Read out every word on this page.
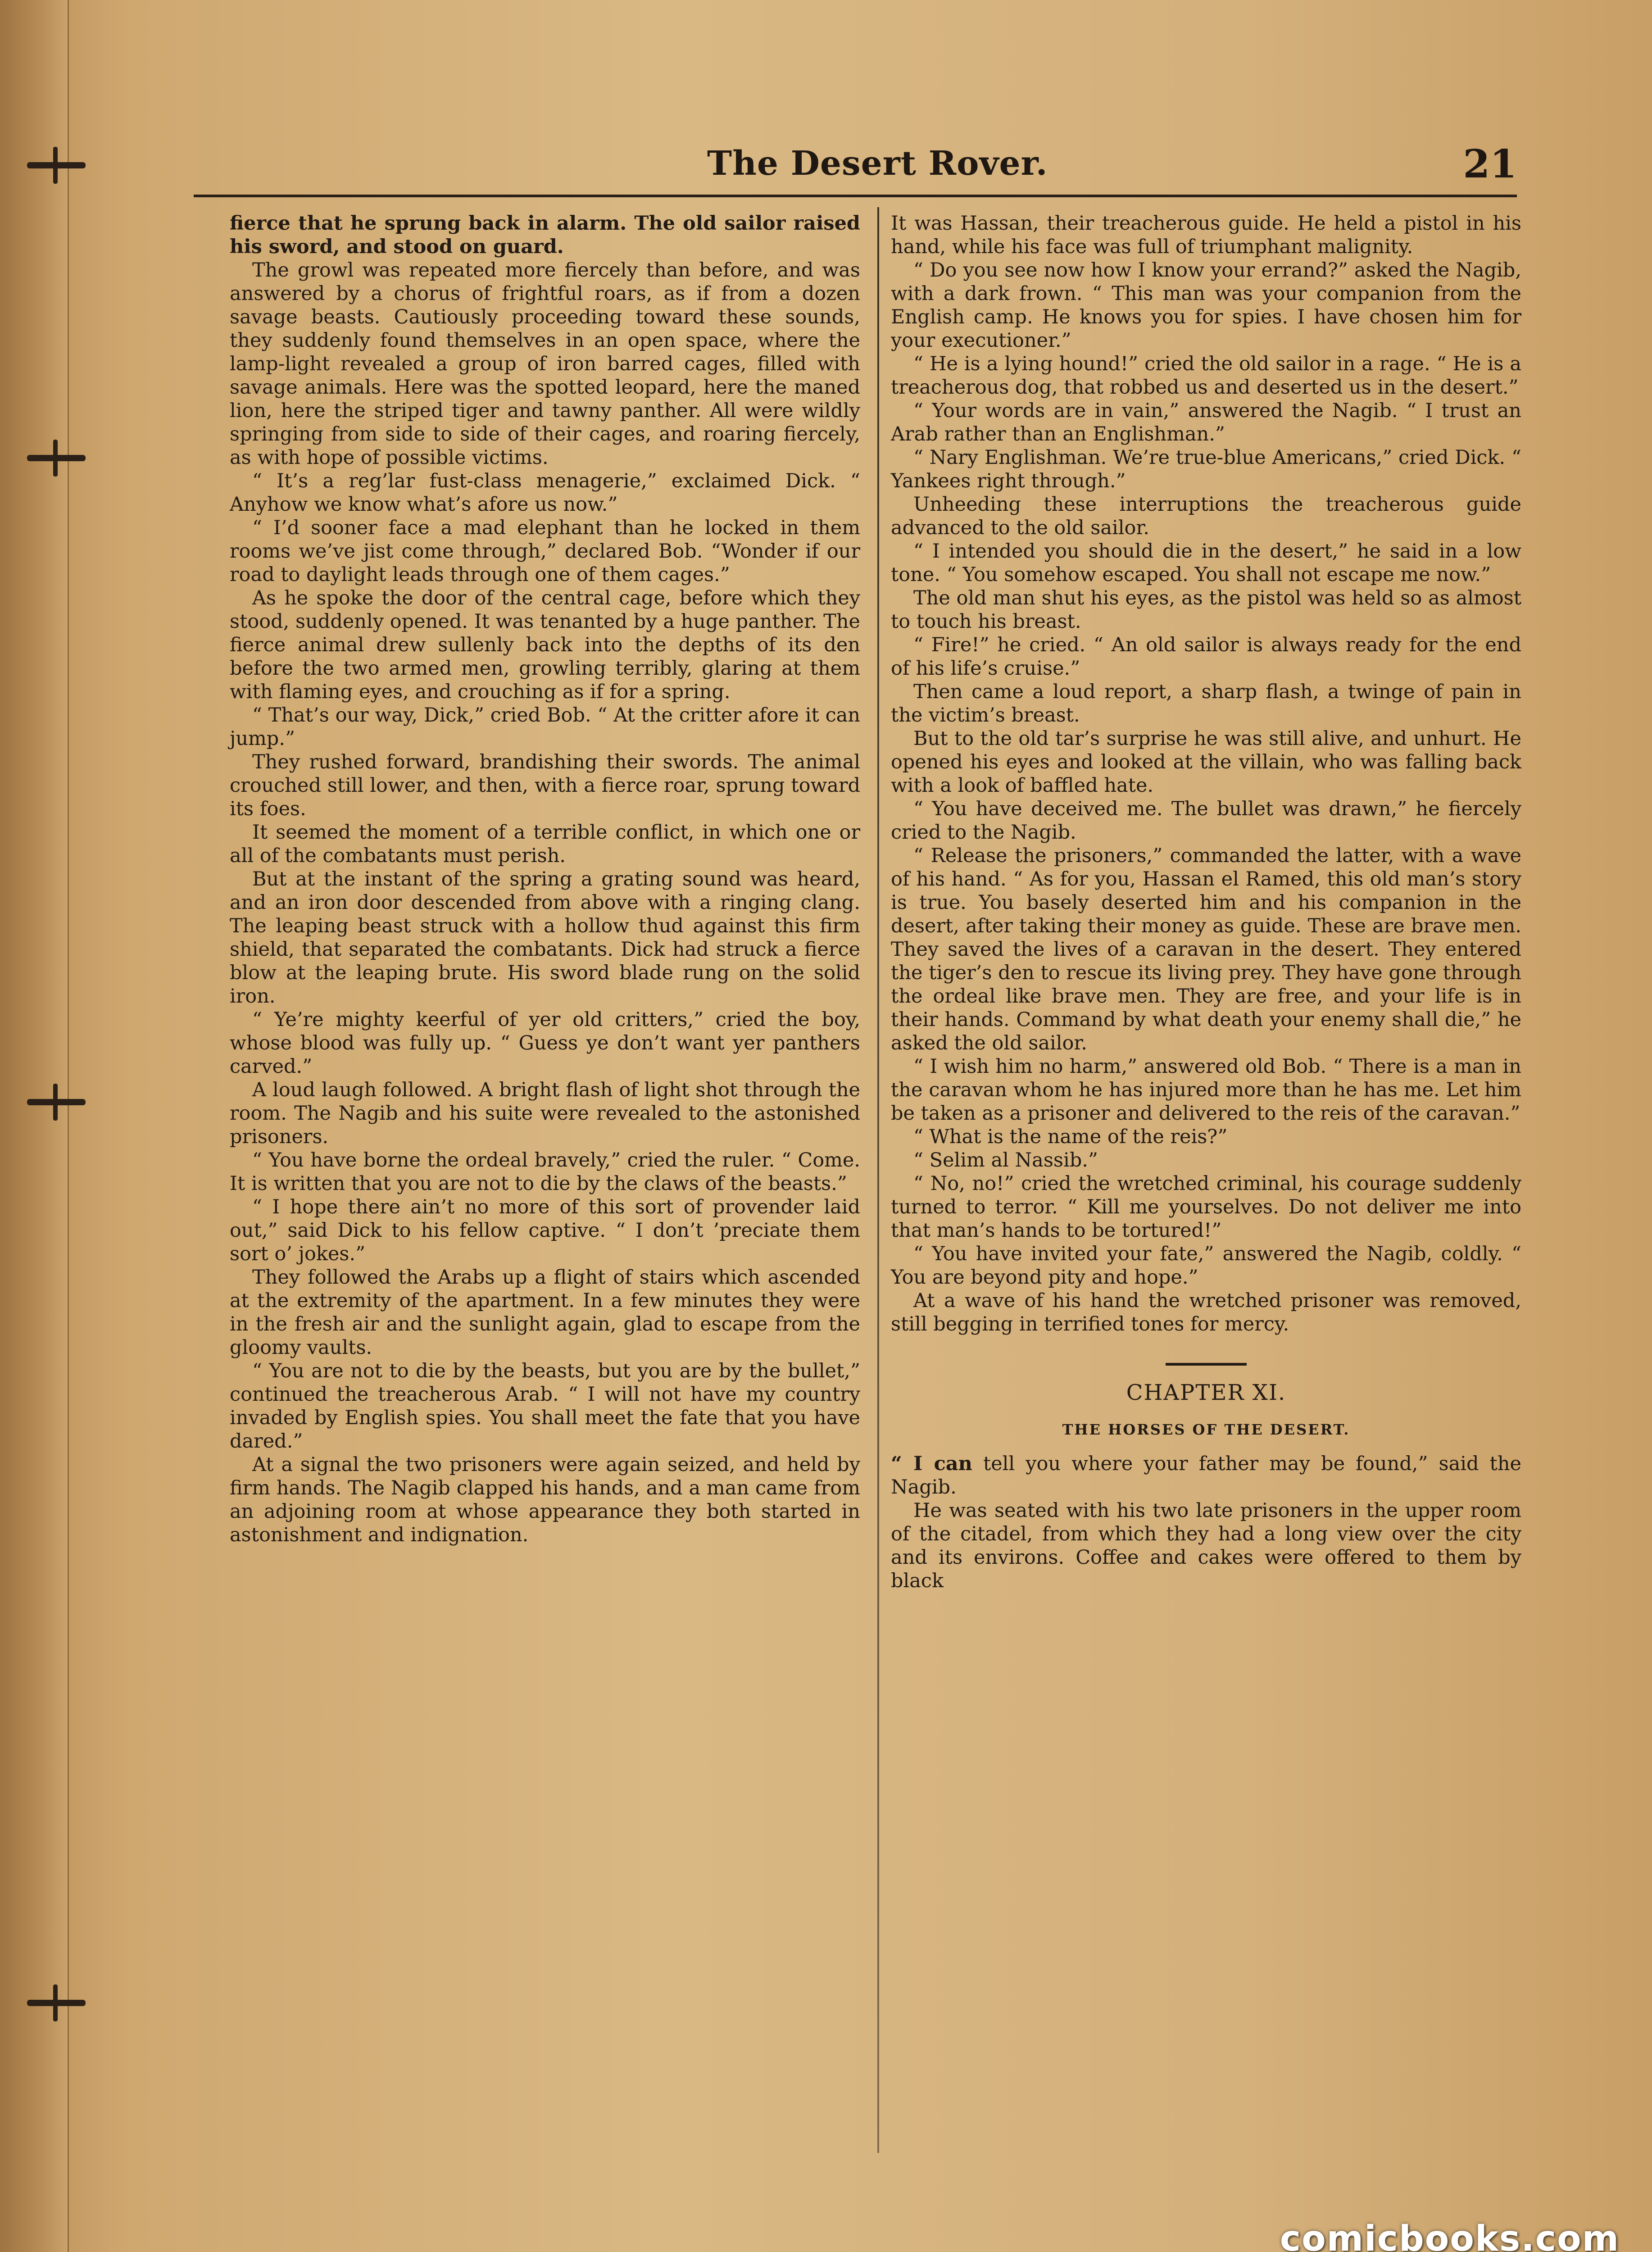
The Desert Rover.	21

fierce that he sprung back in alarm. The old sailor raised his sword, and stood on guard.

The growl was repeated more fiercely than before, and was answered by a chorus of frightful roars, as if from a dozen savage beasts. Cautiously proceeding toward these sounds, they suddenly found themselves in an open space, where the lamp-light revealed a group of iron barred cages, filled with savage animals. Here was the spotted leopard, here the maned lion, here the striped tiger and tawny panther. All were wildly springing from side to side of their cages, and roaring fiercely, as with hope of possible victims.

“ It’s a reg’lar fust-class menagerie,” exclaimed Dick. “ Anyhow we know what’s afore us now.”

“ I’d sooner face a mad elephant than he locked in them rooms we’ve jist come through,” declared Bob. “Wonder if our road to daylight leads through one of them cages.”

As he spoke the door of the central cage, before which they stood, suddenly opened. It was tenanted by a huge panther. The fierce animal drew sullenly back into the depths of its den before the two armed men, growling terribly, glaring at them with flaming eyes, and crouching as if for a spring.

“ That’s our way, Dick,” cried Bob. “ At the critter afore it can jump.”

They rushed forward, brandishing their swords. The animal crouched still lower, and then, with a fierce roar, sprung toward its foes.

It seemed the moment of a terrible conflict, in which one or all of the combatants must perish.

But at the instant of the spring a grating sound was heard, and an iron door descended from above with a ringing clang. The leaping beast struck with a hollow thud against this firm shield, that separated the combatants. Dick had struck a fierce blow at the leaping brute. His sword blade rung on the solid iron.

“ Ye’re mighty keerful of yer old critters,” cried the boy, whose blood was fully up. “ Guess ye don’t want yer panthers carved.”

A loud laugh followed. A bright flash of light shot through the room. The Nagib and his suite were revealed to the astonished prisoners.

“ You have borne the ordeal bravely,” cried the ruler. “ Come. It is written that you are not to die by the claws of the beasts.”

“ I hope there ain’t no more of this sort of provender laid out,” said Dick to his fellow captive. “ I don’t ’preciate them sort o’ jokes.”

They followed the Arabs up a flight of stairs which ascended at the extremity of the apartment. In a few minutes they were in the fresh air and the sunlight again, glad to escape from the gloomy vaults.

“ You are not to die by the beasts, but you are by the bullet,” continued the treacherous Arab. “ I will not have my country invaded by English spies. You shall meet the fate that you have dared.”

At a signal the two prisoners were again seized, and held by firm hands. The Nagib clapped his hands, and a man came from an adjoining room at whose appearance they both started in astonishment and indignation.

It was Hassan, their treacherous guide. He held a pistol in his hand, while his face was full of triumphant malignity.

“ Do you see now how I know your errand?” asked the Nagib, with a dark frown. “ This man was your companion from the English camp. He knows you for spies. I have chosen him for your executioner.”

“ He is a lying hound!” cried the old sailor in a rage. “ He is a treacherous dog, that robbed us and deserted us in the desert.”

“ Your words are in vain,” answered the Nagib. “ I trust an Arab rather than an Englishman.”

“ Nary Englishman. We’re true-blue Americans,” cried Dick. “ Yankees right through.”

Unheeding these interruptions the treacherous guide advanced to the old sailor.

“ I intended you should die in the desert,” he said in a low tone. “ You somehow escaped. You shall not escape me now.”

The old man shut his eyes, as the pistol was held so as almost to touch his breast.

“ Fire!” he cried. “ An old sailor is always ready for the end of his life’s cruise.”

Then came a loud report, a sharp flash, a twinge of pain in the victim’s breast.

But to the old tar’s surprise he was still alive, and unhurt. He opened his eyes and looked at the villain, who was falling back with a look of baffled hate.

“ You have deceived me. The bullet was drawn,” he fiercely cried to the Nagib.

“ Release the prisoners,” commanded the latter, with a wave of his hand. “ As for you, Hassan el Ramed, this old man’s story is true. You basely deserted him and his companion in the desert, after taking their money as guide. These are brave men. They saved the lives of a caravan in the desert. They entered the tiger’s den to rescue its living prey. They have gone through the ordeal like brave men. They are free, and your life is in their hands. Command by what death your enemy shall die,” he asked the old sailor.

“ I wish him no harm,” answered old Bob. “ There is a man in the caravan whom he has injured more than he has me. Let him be taken as a prisoner and delivered to the reis of the caravan.”

“ What is the name of the reis?”

“ Selim al Nassib.”

“ No, no!” cried the wretched criminal, his courage suddenly turned to terror. “ Kill me yourselves. Do not deliver me into that man’s hands to be tortured!”

“ You have invited your fate,” answered the Nagib, coldly. “ You are beyond pity and hope.”

At a wave of his hand the wretched prisoner was removed, still begging in terrified tones for mercy.

CHAPTER XI.
THE HORSES OF THE DESERT.

“ I can tell you where your father may be found,” said the Nagib.

He was seated with his two late prisoners in the upper room of the citadel, from which they had a long view over the city and its environs. Coffee and cakes were offered to them by black

comicbooks.com
